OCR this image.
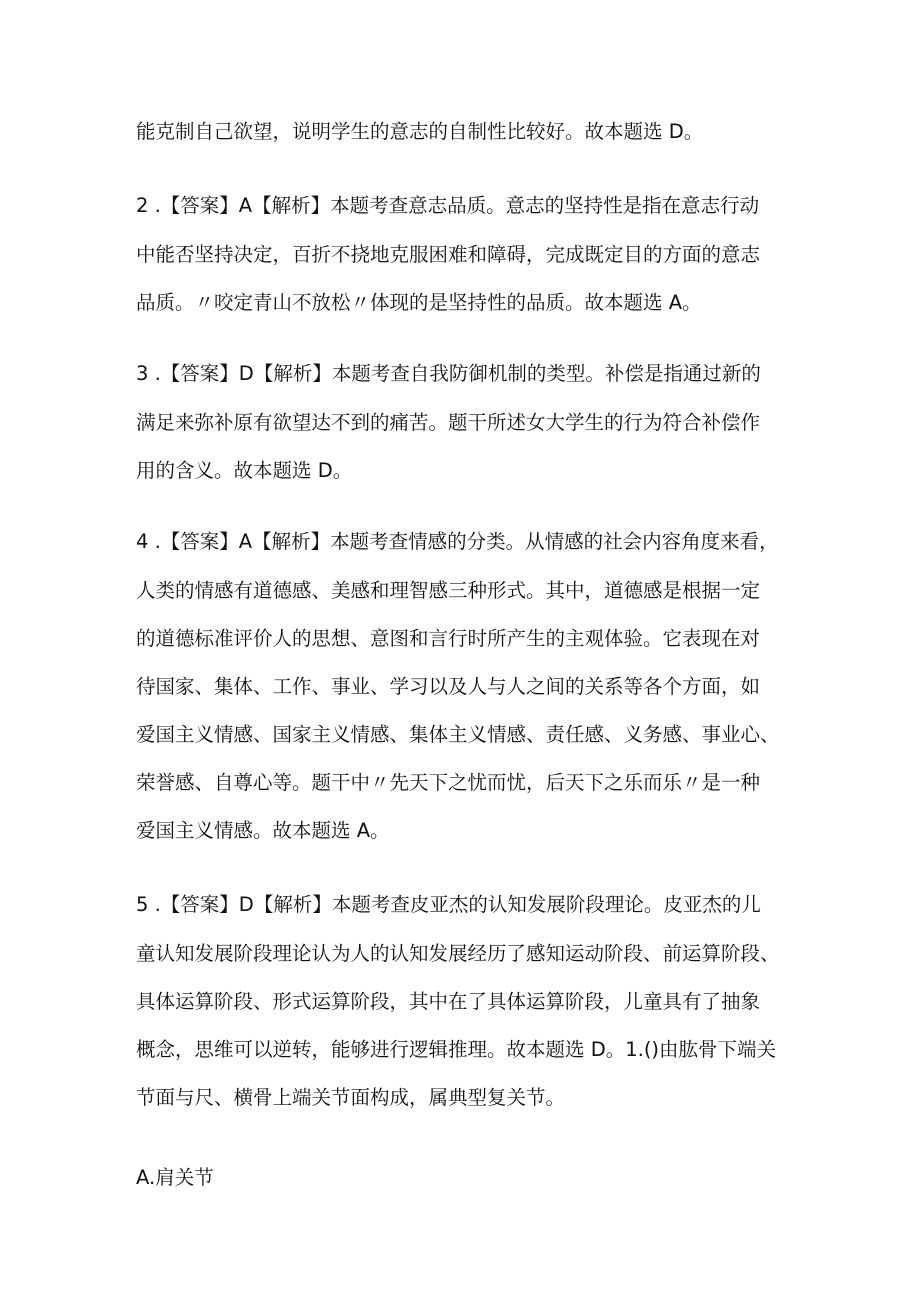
能克制自己欲望，说明学生的意志的自制性比较好。故本题选 D。
2 .【答案】A【解析】本题考查意志品质。意志的坚持性是指在意志行动
中能否坚持决定，百折不挠地克服困难和障碍，完成既定目的方面的意志
品质。〃咬定青山不放松〃体现的是坚持性的品质。故本题选 A。
3 .【答案】D【解析】本题考查自我防御机制的类型。补偿是指通过新的
满足来弥补原有欲望达不到的痛苦。题干所述女大学生的行为符合补偿作
用的含义。故本题选 D。
4 .【答案】A【解析】本题考查情感的分类。从情感的社会内容角度来看，
人类的情感有道德感、美感和理智感三种形式。其中，道德感是根据一定
的道德标准评价人的思想、意图和言行时所产生的主观体验。它表现在对
待国家、集体、工作、事业、学习以及人与人之间的关系等各个方面，如
爱国主义情感、国家主义情感、集体主义情感、责任感、义务感、事业心、
荣誉感、自尊心等。题干中〃先天下之忧而忧，后天下之乐而乐〃是一种
爱国主义情感。故本题选 A。
5 .【答案】D【解析】本题考查皮亚杰的认知发展阶段理论。皮亚杰的儿
童认知发展阶段理论认为人的认知发展经历了感知运动阶段、前运算阶段、
具体运算阶段、形式运算阶段，其中在了具体运算阶段，儿童具有了抽象
概念，思维可以逆转，能够进行逻辑推理。故本题选 D。1.()由肱骨下端关
节面与尺、横骨上端关节面构成，属典型复关节。
A.肩关节
